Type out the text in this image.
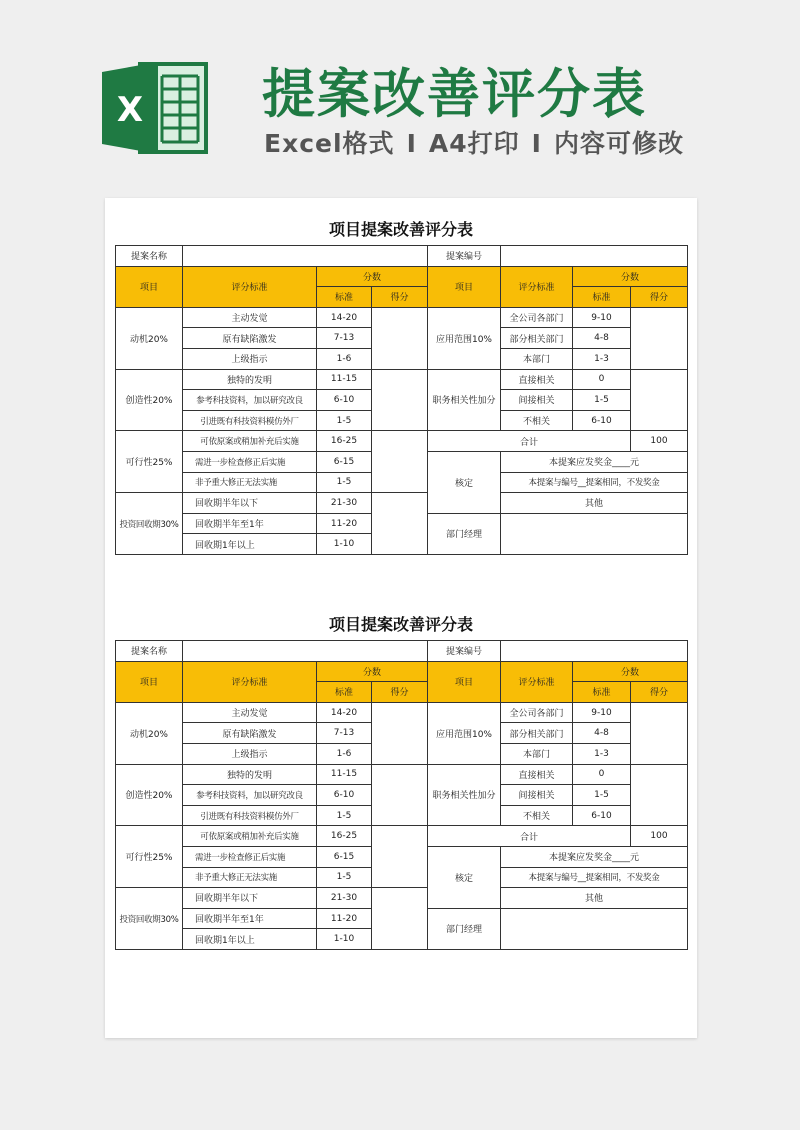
X 提案改善评分表
Excel格式 I A4打印 I 内容可修改
项目提案改善评分表
提案名称				提案编号			
项目	评分标准	分数		项目	评分标准	分数	
		标准	得分			标准	得分
动机20%	主动发觉	14-20		应用范围10%	全公司各部门	9-10	
	原有缺陷激发	7-13			部分相关部门	4-8	
	上级指示	1-6			本部门	1-3	
创造性20%	独特的发明	11-15		职务相关性加分	直接相关	0	
	参考科技资料，加以研究改良	6-10			间接相关	1-5	
	引进既有科技资料模仿外厂	1-5			不相关	6-10	
可行性25%	可依原案或稍加补充后实施	16-25		合计			100
	需进一步检查修正后实施	6-15		核定	本提案应发奖金____元		
	非予重大修正无法实施	1-5			本提案与编号__提案相同，不发奖金		
投资回收期30%	回收期半年以下	21-30			其他		
	回收期半年至1年	11-20		部门经理			
	回收期1年以上	1-10					
项目提案改善评分表
提案名称				提案编号			
项目	评分标准	分数		项目	评分标准	分数	
		标准	得分			标准	得分
动机20%	主动发觉	14-20		应用范围10%	全公司各部门	9-10	
	原有缺陷激发	7-13			部分相关部门	4-8	
	上级指示	1-6			本部门	1-3	
创造性20%	独特的发明	11-15		职务相关性加分	直接相关	0	
	参考科技资料，加以研究改良	6-10			间接相关	1-5	
	引进既有科技资料模仿外厂	1-5			不相关	6-10	
可行性25%	可依原案或稍加补充后实施	16-25		合计			100
	需进一步检查修正后实施	6-15		核定	本提案应发奖金____元		
	非予重大修正无法实施	1-5			本提案与编号__提案相同，不发奖金		
投资回收期30%	回收期半年以下	21-30			其他		
	回收期半年至1年	11-20		部门经理			
	回收期1年以上	1-10					
